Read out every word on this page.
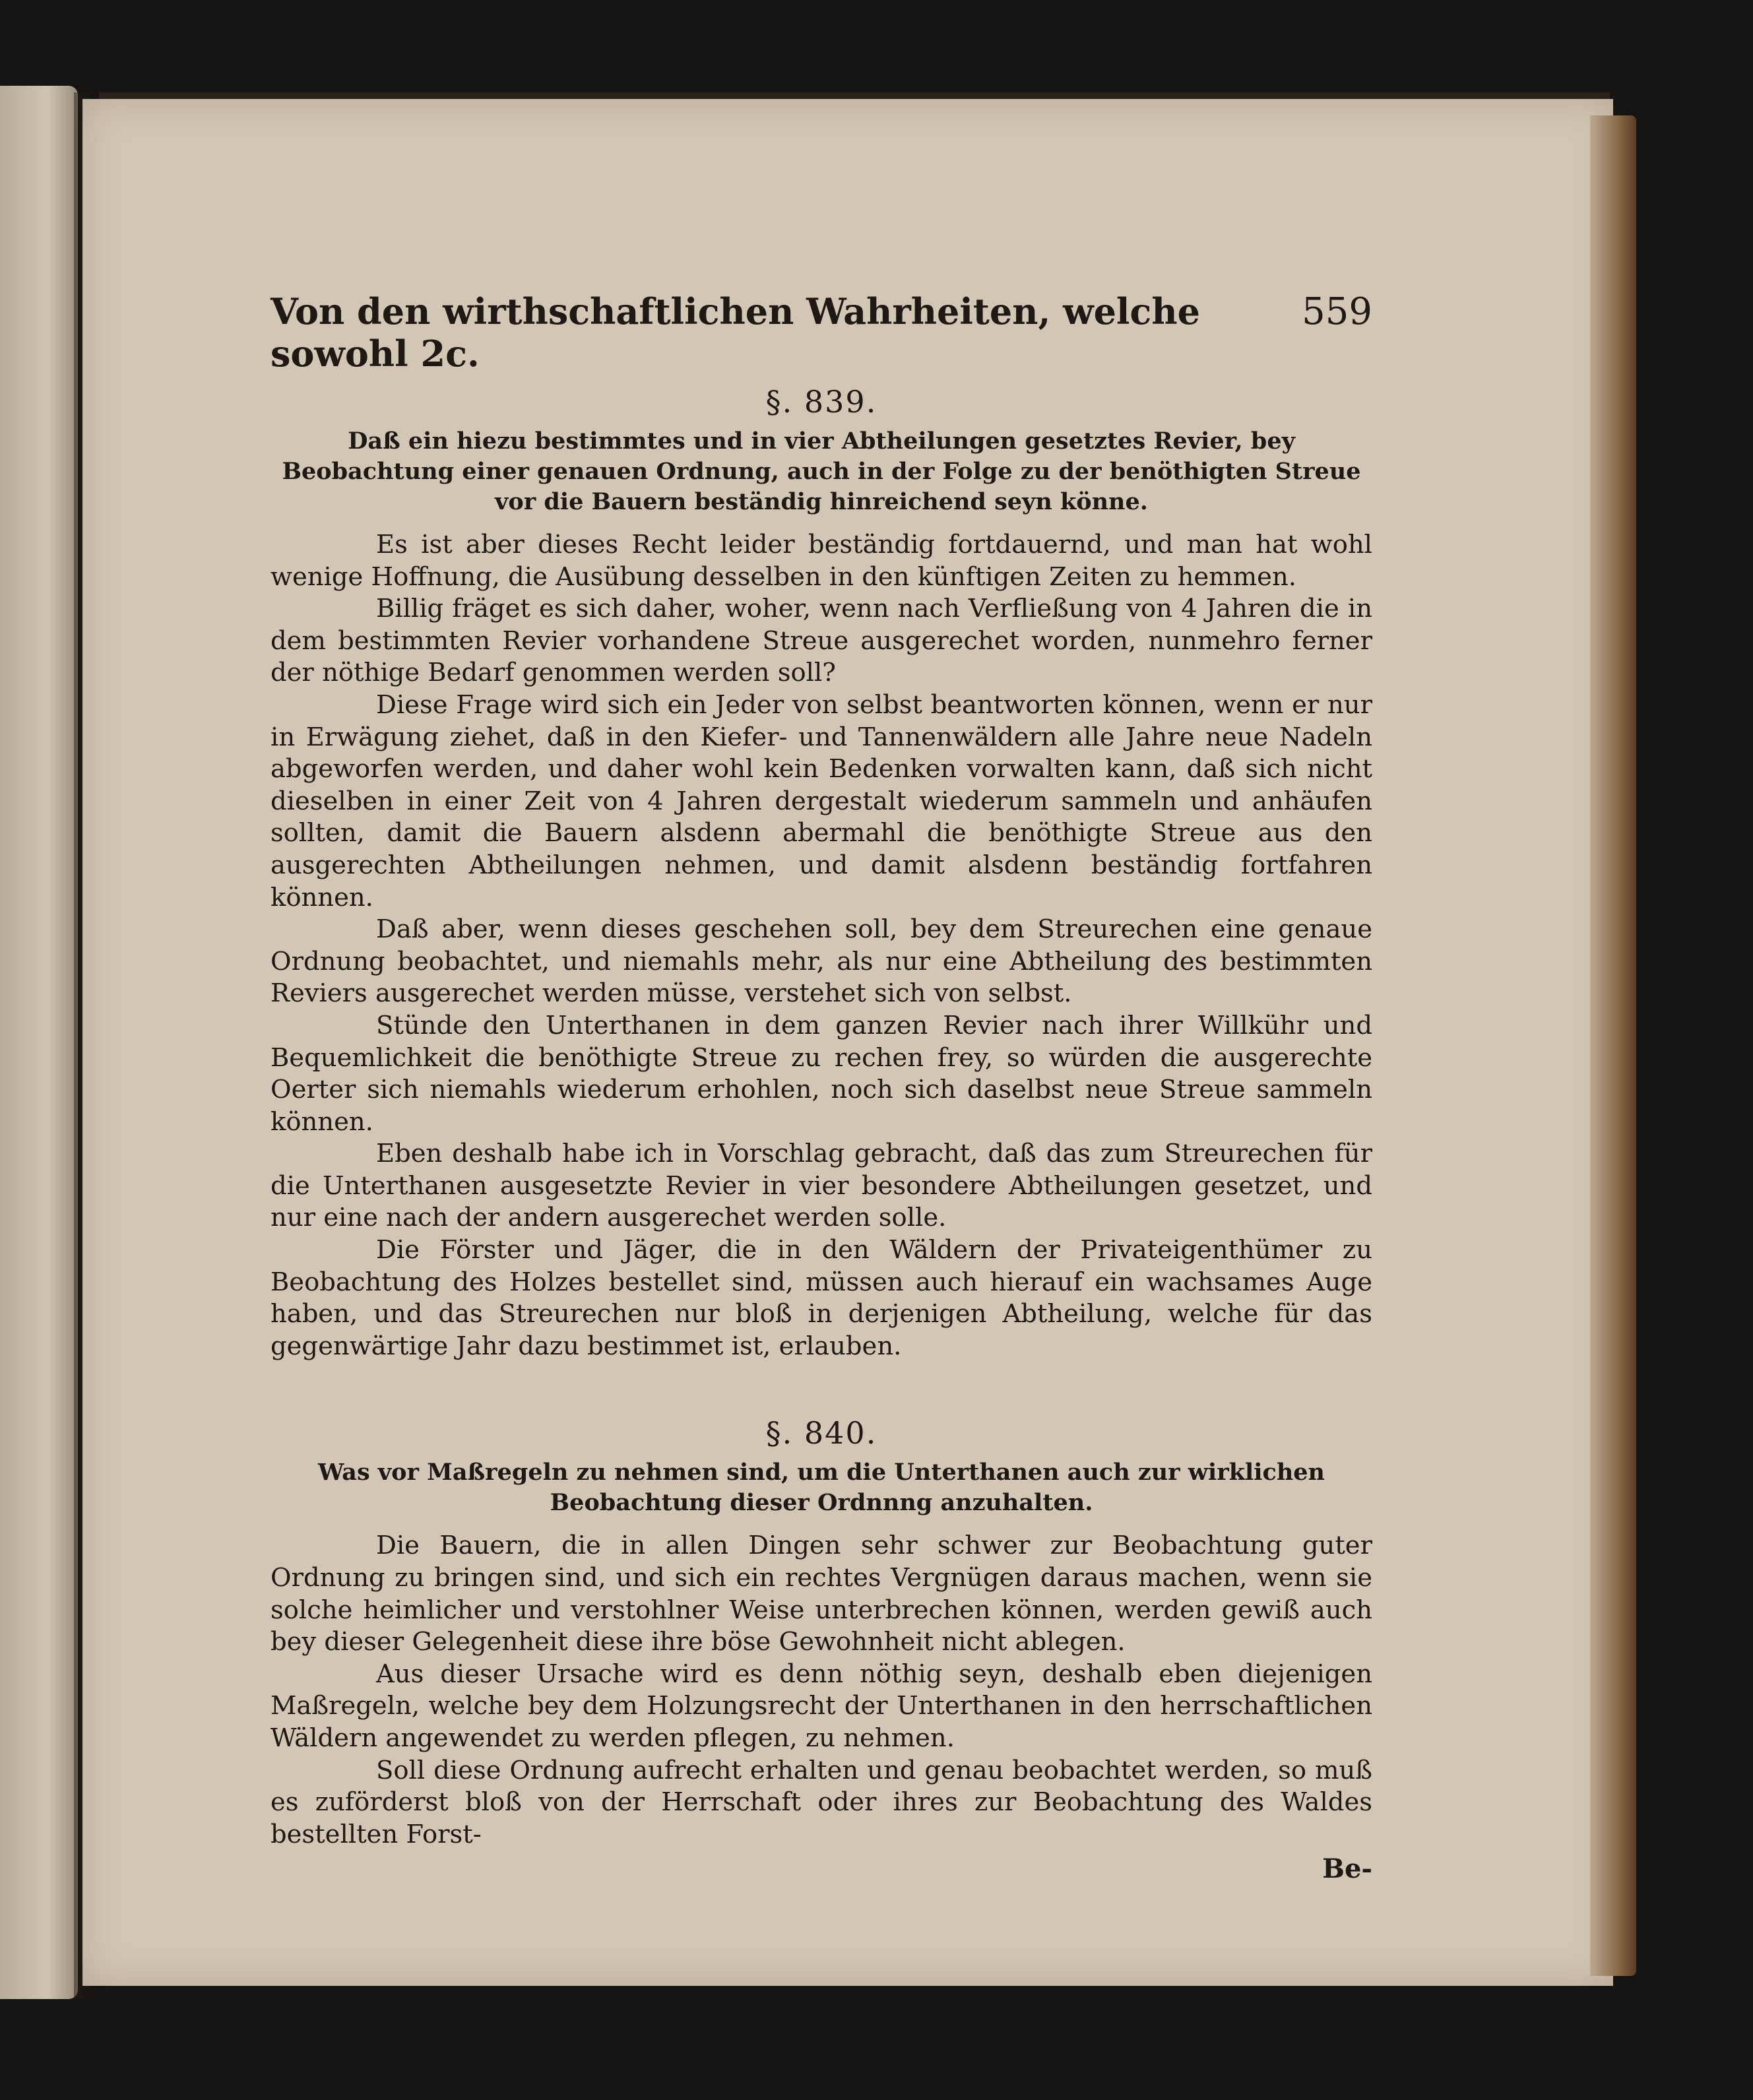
Von den wirthschaftlichen Wahrheiten, welche sowohl 2c.
559
§. 839.
Daß ein hiezu bestimmtes und in vier Abtheilungen gesetztes Revier, bey Beobachtung einer genauen Ordnung, auch in der Folge zu der benöthigten Streue vor die Bauern beständig hinreichend seyn könne.

Es ist aber dieses Recht leider beständig fortdauernd, und man hat wohl wenige Hoffnung, die Ausübung desselben in den künftigen Zeiten zu hemmen.

Billig fräget es sich daher, woher, wenn nach Verfließung von 4 Jahren die in dem bestimmten Revier vorhandene Streue ausgerechet worden, nunmehro ferner der nöthige Bedarf genommen werden soll?

Diese Frage wird sich ein Jeder von selbst beantworten können, wenn er nur in Erwägung ziehet, daß in den Kiefer- und Tannenwäldern alle Jahre neue Nadeln abgeworfen werden, und daher wohl kein Bedenken vorwalten kann, daß sich nicht dieselben in einer Zeit von 4 Jahren dergestalt wiederum sammeln und anhäufen sollten, damit die Bauern alsdenn abermahl die benöthigte Streue aus den ausgerechten Abtheilungen nehmen, und damit alsdenn beständig fortfahren können.

Daß aber, wenn dieses geschehen soll, bey dem Streurechen eine genaue Ordnung beobachtet, und niemahls mehr, als nur eine Abtheilung des bestimmten Reviers ausgerechet werden müsse, verstehet sich von selbst.

Stünde den Unterthanen in dem ganzen Revier nach ihrer Willkühr und Bequemlichkeit die benöthigte Streue zu rechen frey, so würden die ausgerechte Oerter sich niemahls wiederum erhohlen, noch sich daselbst neue Streue sammeln können.

Eben deshalb habe ich in Vorschlag gebracht, daß das zum Streurechen für die Unterthanen ausgesetzte Revier in vier besondere Abtheilungen gesetzet, und nur eine nach der andern ausgerechet werden solle.

Die Förster und Jäger, die in den Wäldern der Privateigenthümer zu Beobachtung des Holzes bestellet sind, müssen auch hierauf ein wachsames Auge haben, und das Streurechen nur bloß in derjenigen Abtheilung, welche für das gegenwärtige Jahr dazu bestimmet ist, erlauben.

§. 840.
Was vor Maßregeln zu nehmen sind, um die Unterthanen auch zur wirklichen Beobachtung dieser Ordnnng anzuhalten.

Die Bauern, die in allen Dingen sehr schwer zur Beobachtung guter Ordnung zu bringen sind, und sich ein rechtes Vergnügen daraus machen, wenn sie solche heimlicher und verstohlner Weise unterbrechen können, werden gewiß auch bey dieser Gelegenheit diese ihre böse Gewohnheit nicht ablegen.

Aus dieser Ursache wird es denn nöthig seyn, deshalb eben diejenigen Maßregeln, welche bey dem Holzungsrecht der Unterthanen in den herrschaftlichen Wäldern angewendet zu werden pflegen, zu nehmen.

Soll diese Ordnung aufrecht erhalten und genau beobachtet werden, so muß es zuförderst bloß von der Herrschaft oder ihres zur Beobachtung des Waldes bestellten Forst-

Be-
